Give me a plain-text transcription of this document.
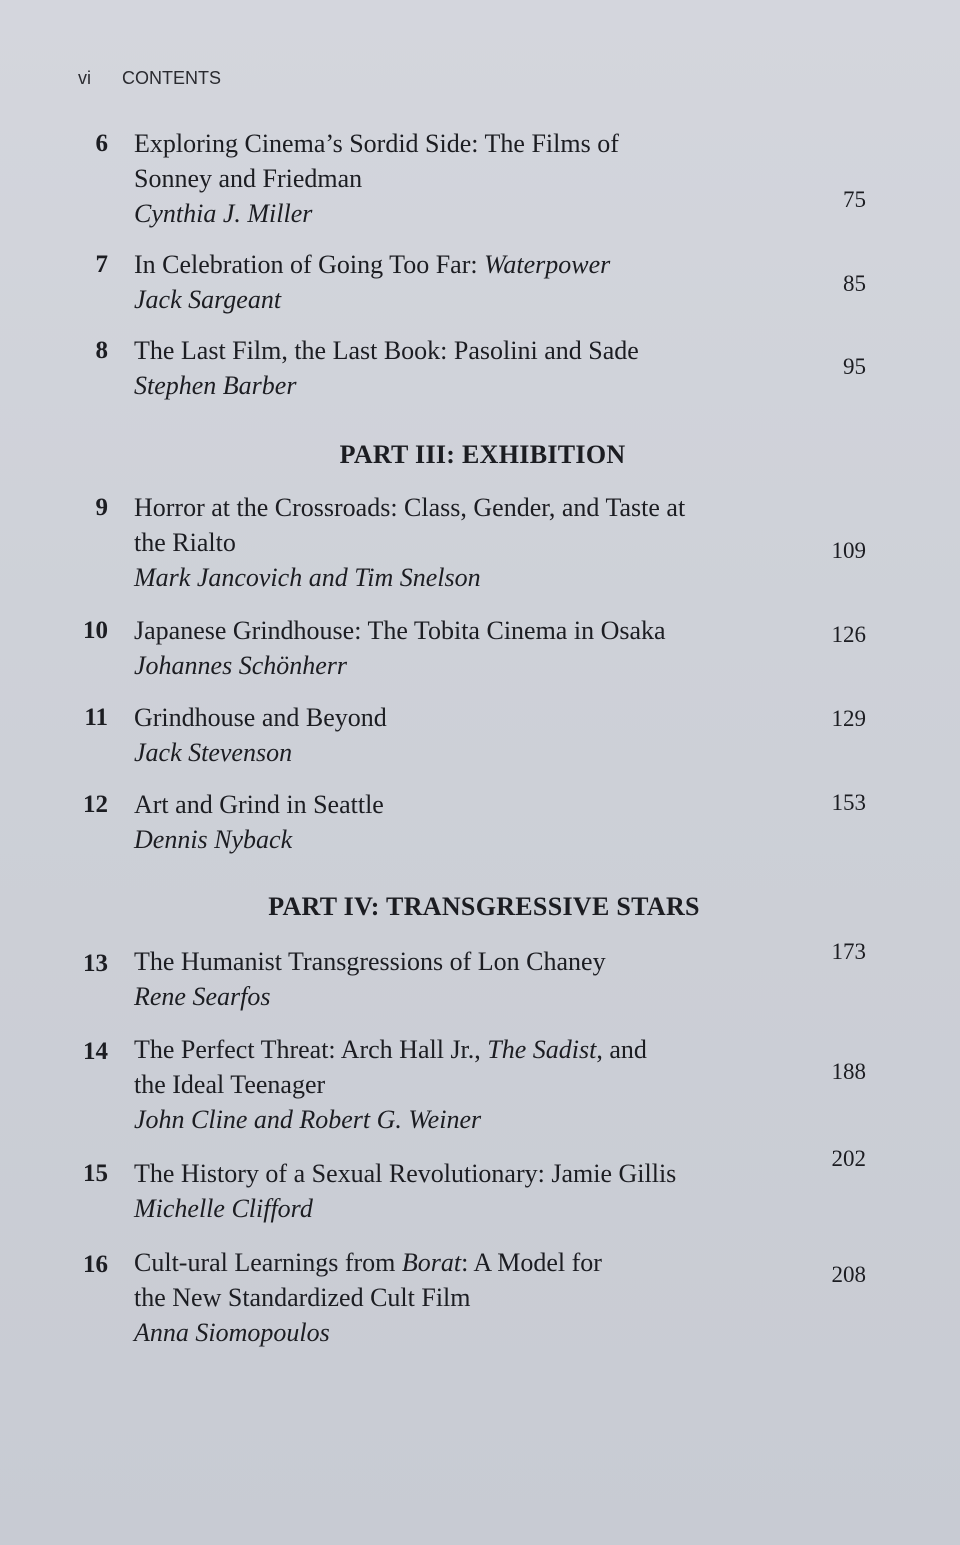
vi CONTENTS
6 Exploring Cinema’s Sordid Side: The Films of
Sonney and Friedman
Cynthia J. Miller	75
7 In Celebration of Going Too Far: Waterpower
Jack Sargeant
85
8 The Last Film, the Last Book: Pasolini and Sade
Stephen Barber
95
PART III: EXHIBITION
9 Horror at the Crossroads: Class, Gender, and Taste at
the Rialto
Mark Jancovich and Tim Snelson
109
10 Japanese Grindhouse: The Tobita Cinema in Osaka
Johannes Schönherr
126
11 Grindhouse and Beyond
Jack Stevenson
129
12 Art and Grind in Seattle
Dennis Nyback
153
PART IV: TRANSGRESSIVE STARS
13 The Humanist Transgressions of Lon Chaney
Rene Searfos
173
14 The Perfect Threat: Arch Hall Jr., The Sadist, and
the Ideal Teenager
John Cline and Robert G. Weiner
188
15 The History of a Sexual Revolutionary: Jamie Gillis
Michelle Clifford
202
16 Cult-ural Learnings from Borat: A Model for
the New Standardized Cult Film
Anna Siomopoulos
208
